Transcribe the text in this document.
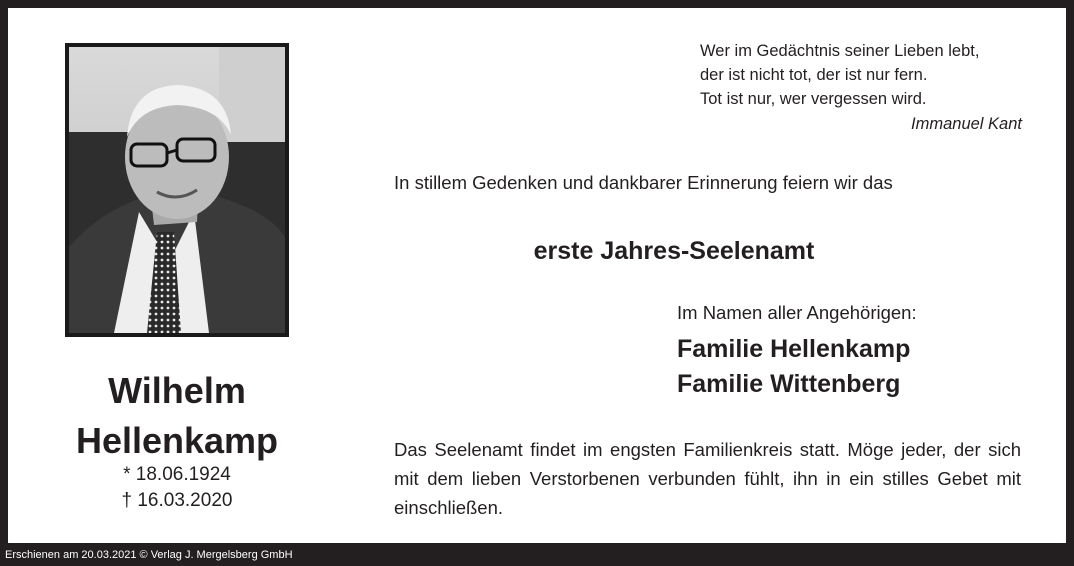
Wilhelm
Hellenkamp
* 18.06.1924
† 16.03.2020
Wer im Gedächtnis seiner Lieben lebt,
der ist nicht tot, der ist nur fern.
Tot ist nur, wer vergessen wird.
Immanuel Kant
In stillem Gedenken und dankbarer Erinnerung feiern wir das
erste Jahres-Seelenamt
Im Namen aller Angehörigen:
Familie Hellenkamp
Familie Wittenberg
Das Seelenamt findet im engsten Familienkreis statt. Möge jeder, der sich mit dem lieben Verstorbenen verbunden fühlt, ihn in ein stilles Gebet mit einschließen.
Erschienen am 20.03.2021 © Verlag J. Mergelsberg GmbH
